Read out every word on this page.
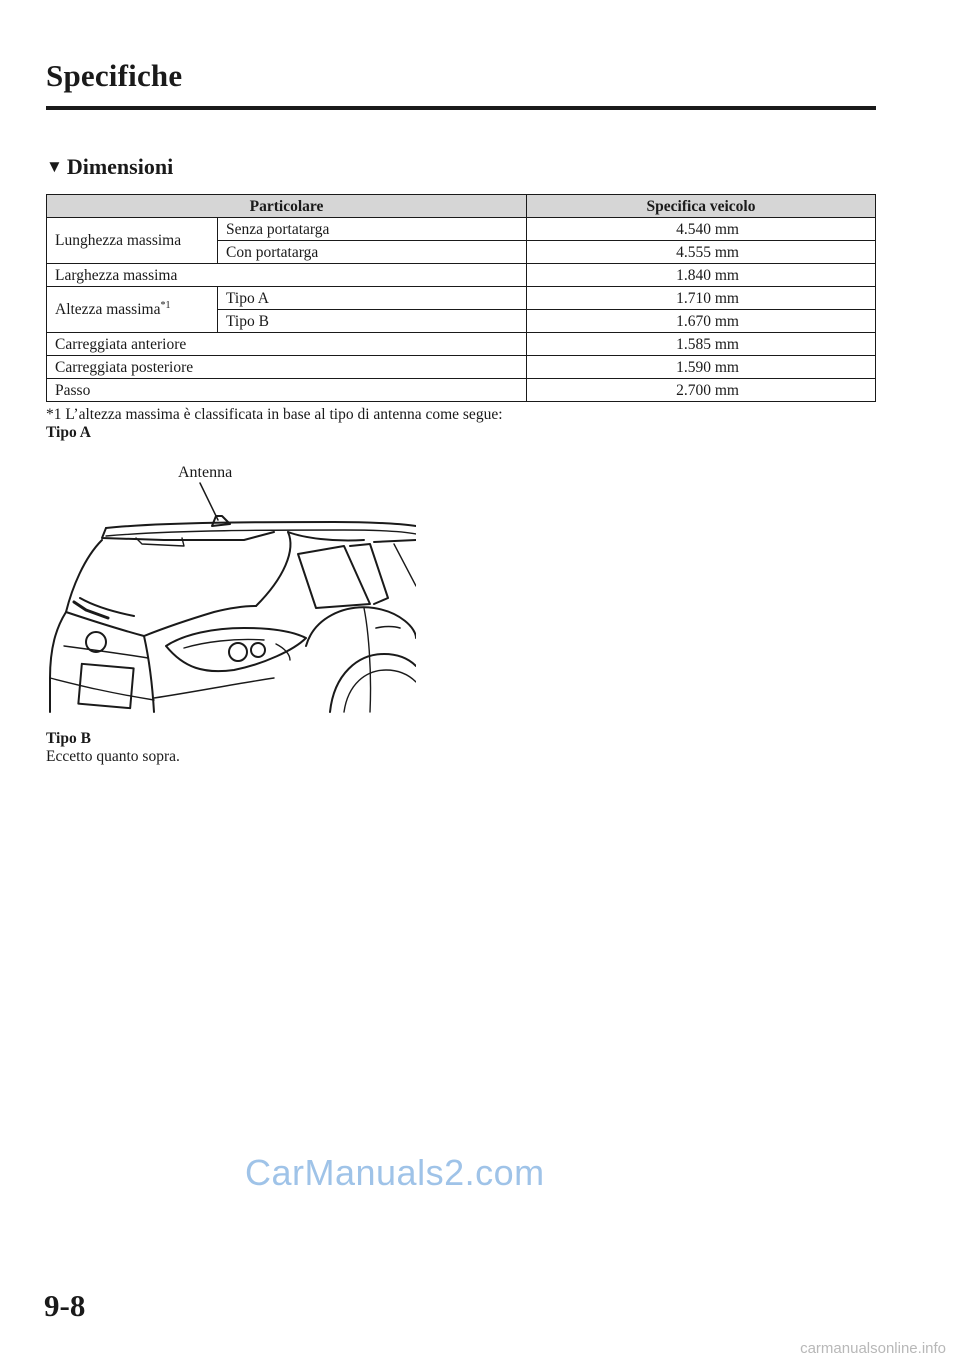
Specifiche
▼ Dimensioni
Particolare		Specifica veicolo
Lunghezza massima	Senza portatarga	4.540 mm
	Con portatarga	4.555 mm
Larghezza massima		1.840 mm
Altezza massima$^{*1}$	Tipo A	1.710 mm
	Tipo B	1.670 mm
Carreggiata anteriore		1.585 mm
Carreggiata posteriore		1.590 mm
Passo		2.700 mm
*1 L’altezza massima è classificata in base al tipo di antenna come segue:
Tipo A
Antenna
Tipo B
Eccetto quanto sopra.
CarManuals2.com
9-8
carmanualsonline.info
